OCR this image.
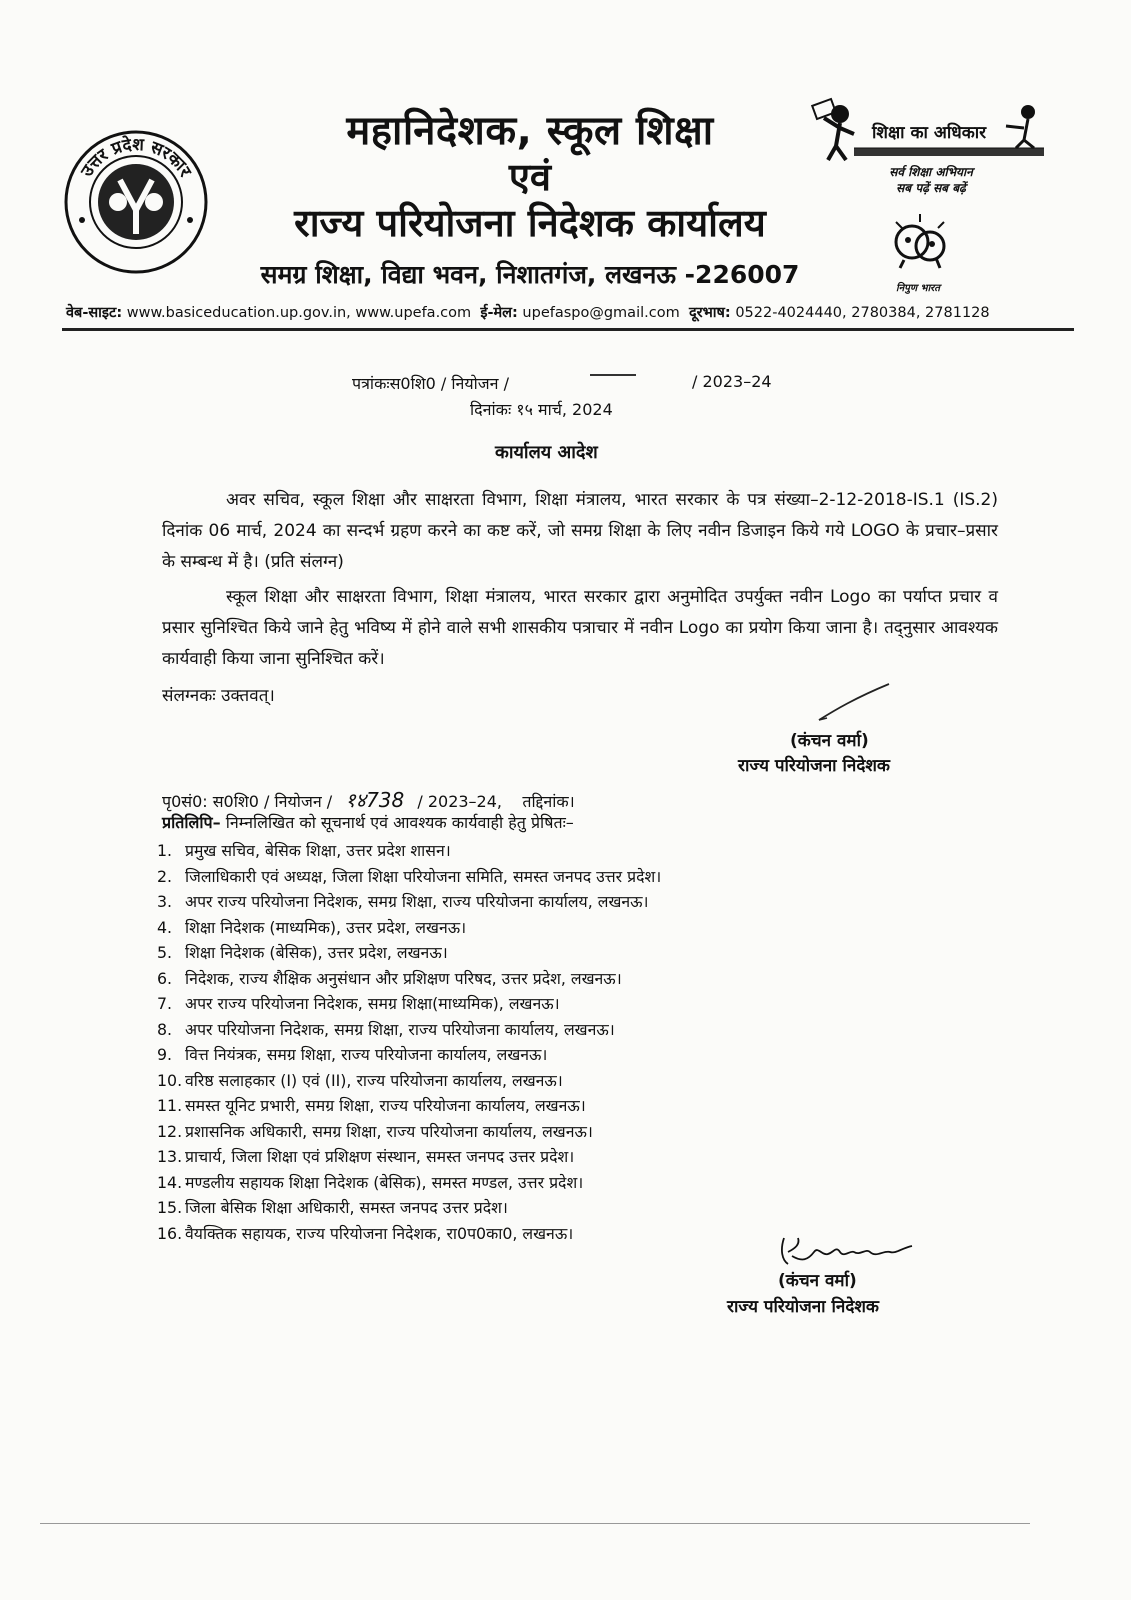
उत्तर प्रदेश सरकार
महानिदेशक, स्कूल शिक्षा
एवं
राज्य परियोजना निदेशक कार्यालय
समग्र शिक्षा, विद्या भवन, निशातगंज, लखनऊ -226007
शिक्षा का अधिकार
सर्व शिक्षा अभियान
सब पढ़ें सब बढ़ें
निपुण भारत
वेब-साइट: www.basiceducation.up.gov.in, www.upefa.com ई-मेल: upefaspo@gmail.com दूरभाष: 0522-4024440, 2780384, 2781128
पत्रांकःस0शि0 / नियोजन /	/ 2023–24
दिनांकः १५ मार्च, 2024
कार्यालय आदेश
अवर सचिव, स्कूल शिक्षा और साक्षरता विभाग, शिक्षा मंत्रालय, भारत सरकार के पत्र संख्या–2-12-2018-IS.1 (IS.2) दिनांक 06 मार्च, 2024 का सन्दर्भ ग्रहण करने का कष्ट करें, जो समग्र शिक्षा के लिए नवीन डिजाइन किये गये LOGO के प्रचार–प्रसार के सम्बन्ध में है। (प्रति संलग्न)
स्कूल शिक्षा और साक्षरता विभाग, शिक्षा मंत्रालय, भारत सरकार द्वारा अनुमोदित उपर्युक्त नवीन Logo का पर्याप्त प्रचार व प्रसार सुनिश्चित किये जाने हेतु भविष्य में होने वाले सभी शासकीय पत्राचार में नवीन Logo का प्रयोग किया जाना है। तद्नुसार आवश्यक कार्यवाही किया जाना सुनिश्चित करें।
संलग्नकः उक्तवत्।
(कंचन वर्मा)
राज्य परियोजना निदेशक
पृ0सं0: स0शि0 / नियोजन / १४738 / 2023–24, तद्दिनांक।
प्रतिलिपि– निम्नलिखित को सूचनार्थ एवं आवश्यक कार्यवाही हेतु प्रेषितः–
1. प्रमुख सचिव, बेसिक शिक्षा, उत्तर प्रदेश शासन।
2. जिलाधिकारी एवं अध्यक्ष, जिला शिक्षा परियोजना समिति, समस्त जनपद उत्तर प्रदेश।
3. अपर राज्य परियोजना निदेशक, समग्र शिक्षा, राज्य परियोजना कार्यालय, लखनऊ।
4. शिक्षा निदेशक (माध्यमिक), उत्तर प्रदेश, लखनऊ।
5. शिक्षा निदेशक (बेसिक), उत्तर प्रदेश, लखनऊ।
6. निदेशक, राज्य शैक्षिक अनुसंधान और प्रशिक्षण परिषद, उत्तर प्रदेश, लखनऊ।
7. अपर राज्य परियोजना निदेशक, समग्र शिक्षा(माध्यमिक), लखनऊ।
8. अपर परियोजना निदेशक, समग्र शिक्षा, राज्य परियोजना कार्यालय, लखनऊ।
9. वित्त नियंत्रक, समग्र शिक्षा, राज्य परियोजना कार्यालय, लखनऊ।
10. वरिष्ठ सलाहकार (I) एवं (II), राज्य परियोजना कार्यालय, लखनऊ।
11. समस्त यूनिट प्रभारी, समग्र शिक्षा, राज्य परियोजना कार्यालय, लखनऊ।
12. प्रशासनिक अधिकारी, समग्र शिक्षा, राज्य परियोजना कार्यालय, लखनऊ।
13. प्राचार्य, जिला शिक्षा एवं प्रशिक्षण संस्थान, समस्त जनपद उत्तर प्रदेश।
14. मण्डलीय सहायक शिक्षा निदेशक (बेसिक), समस्त मण्डल, उत्तर प्रदेश।
15. जिला बेसिक शिक्षा अधिकारी, समस्त जनपद उत्तर प्रदेश।
16. वैयक्तिक सहायक, राज्य परियोजना निदेशक, रा0प0का0, लखनऊ।
(कंचन वर्मा)
राज्य परियोजना निदेशक
